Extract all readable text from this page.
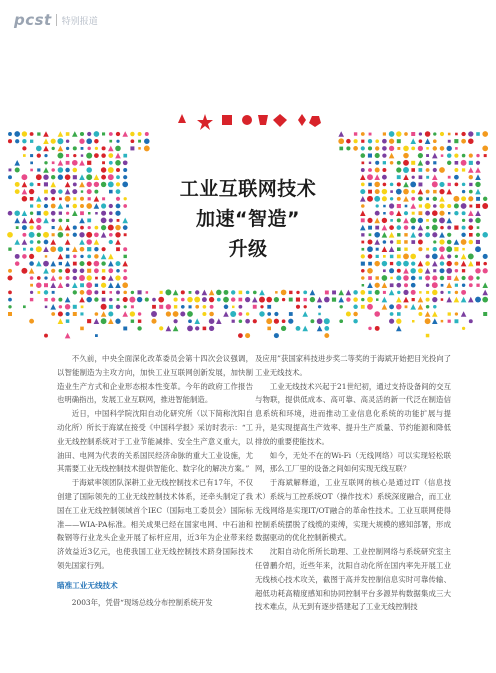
pcst 特别报道
工业互联网技术
加速“智造”
升级

不久前，中央全面深化改革委员会第十四次会议强调，以智能制造为主攻方向，加快工业互联网创新发展，加快制造业生产方式和企业形态根本性变革。今年的政府工作报告也明确指出，发展工业互联网，推进智能制造。

近日，中国科学院沈阳自动化研究所（以下简称沈阳自动化所）所长于海斌在接受《中国科学报》采访时表示：“工业无线控制系统对于工业节能减排、安全生产意义重大，以油田、电网为代表的关系国民经济命脉的重大工业设施，尤其需要工业无线控制技术提供智能化、数字化的解决方案。”

于海斌率领团队深耕工业无线控制技术已有17年，不仅创建了国际领先的工业无线控制技术体系，还牵头制定了我国在工业无线控制领域首个IEC（国际电工委员会）国际标准——WIA-PA标准。相关成果已经在国家电网、中石油和鞍钢等行业龙头企业开展了标杆应用，近3年为企业带来经济效益近3亿元，也使我国工业无线控制技术跻身国际技术领先国家行列。

瞄准工业无线技术

2003年，凭借“现场总线分布控制系统开发

及应用”获国家科技进步奖二等奖的于海斌开始把目光投向了工业无线技术。

工业无线技术兴起于21世纪初，通过支持设备间的交互与物联，提供低成本、高可靠、高灵活的新一代泛在制造信息系统和环境，进而推动工业信息化系统的功能扩展与提升，是实现提高生产效率、提升生产质量、节约能源和降低排放的重要使能技术。

如今，无处不在的Wi-Fi（无线网络）可以实现轻松联网，那么工厂里的设备之间如何实现无线互联？

于海斌解释道，工业互联网的核心是通过IT（信息技术）系统与工控系统OT（操作技术）系统深度融合，而工业无线网络是实现IT/OT融合的革命性技术。工业互联网使得控制系统摆脱了线缆的束缚，实现大规模的感知部署，形成数据驱动的优化控制新模式。

沈阳自动化所所长助理、工业控制网络与系统研究室主任曾鹏介绍，近些年来，沈阳自动化所在国内率先开展工业无线核心技术攻关，截图于高并发控制信息实时可靠传输、超低功耗高精度感知和协同控制平台多源异构数据集成三大技术难点，从无到有逐步搭建起了工业无线控制技
